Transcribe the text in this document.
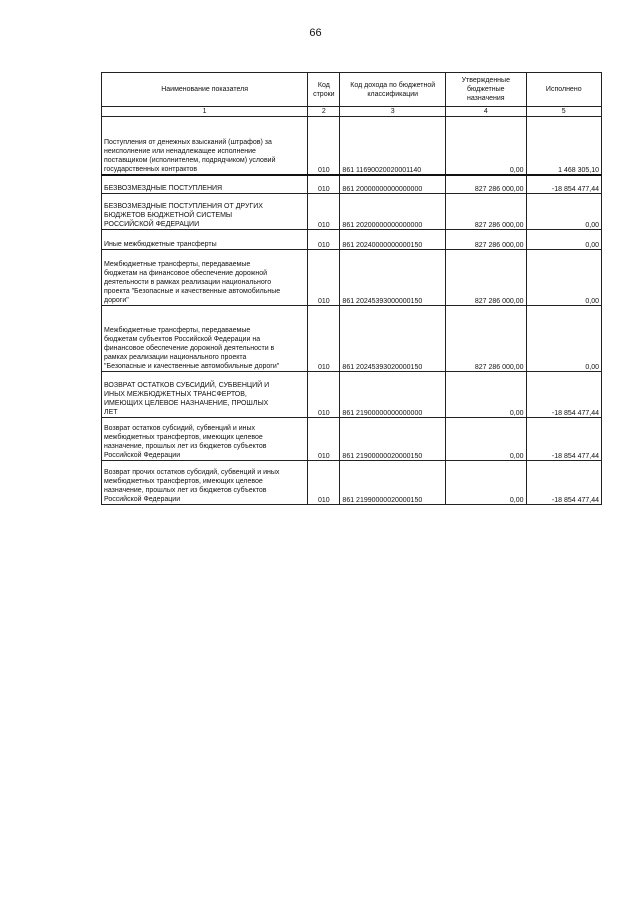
66
Наименование показателя	Код строки	Код дохода по бюджетной классификации	Утвержденные бюджетные назначения	Исполнено
1	2	3	4	5
Поступления от денежных взысканий (штрафов) за
неисполнение или ненадлежащее исполнение
поставщиком (исполнителем, подрядчиком) условий
государственных контрактов	010	861 11690020020001140	0,00	1 468 305,10
БЕЗВОЗМЕЗДНЫЕ ПОСТУПЛЕНИЯ	010	861 20000000000000000	827 286 000,00	-18 854 477,44
БЕЗВОЗМЕЗДНЫЕ ПОСТУПЛЕНИЯ ОТ ДРУГИХ
БЮДЖЕТОВ БЮДЖЕТНОЙ СИСТЕМЫ
РОССИЙСКОЙ ФЕДЕРАЦИИ	010	861 20200000000000000	827 286 000,00	0,00
Иные межбюджетные трансферты	010	861 20240000000000150	827 286 000,00	0,00
Межбюджетные трансферты, передаваемые
бюджетам на финансовое обеспечение дорожной
деятельности в рамках реализации национального
проекта "Безопасные и качественные автомобильные
дороги"	010	861 20245393000000150	827 286 000,00	0,00
Межбюджетные трансферты, передаваемые
бюджетам субъектов Российской Федерации на
финансовое обеспечение дорожной деятельности в
рамках реализации национального проекта
"Безопасные и качественные автомобильные дороги"	010	861 20245393020000150	827 286 000,00	0,00
ВОЗВРАТ ОСТАТКОВ СУБСИДИЙ, СУБВЕНЦИЙ И
ИНЫХ МЕЖБЮДЖЕТНЫХ ТРАНСФЕРТОВ,
ИМЕЮЩИХ ЦЕЛЕВОЕ НАЗНАЧЕНИЕ, ПРОШЛЫХ
ЛЕТ	010	861 21900000000000000	0,00	-18 854 477,44
Возврат остатков субсидий, субвенций и иных
межбюджетных трансфертов, имеющих целевое
назначение, прошлых лет из бюджетов субъектов
Российской Федерации	010	861 21900000020000150	0,00	-18 854 477,44
Возврат прочих остатков субсидий, субвенций и иных
межбюджетных трансфертов, имеющих целевое
назначение, прошлых лет из бюджетов субъектов
Российской Федерации	010	861 21990000020000150	0,00	-18 854 477,44
